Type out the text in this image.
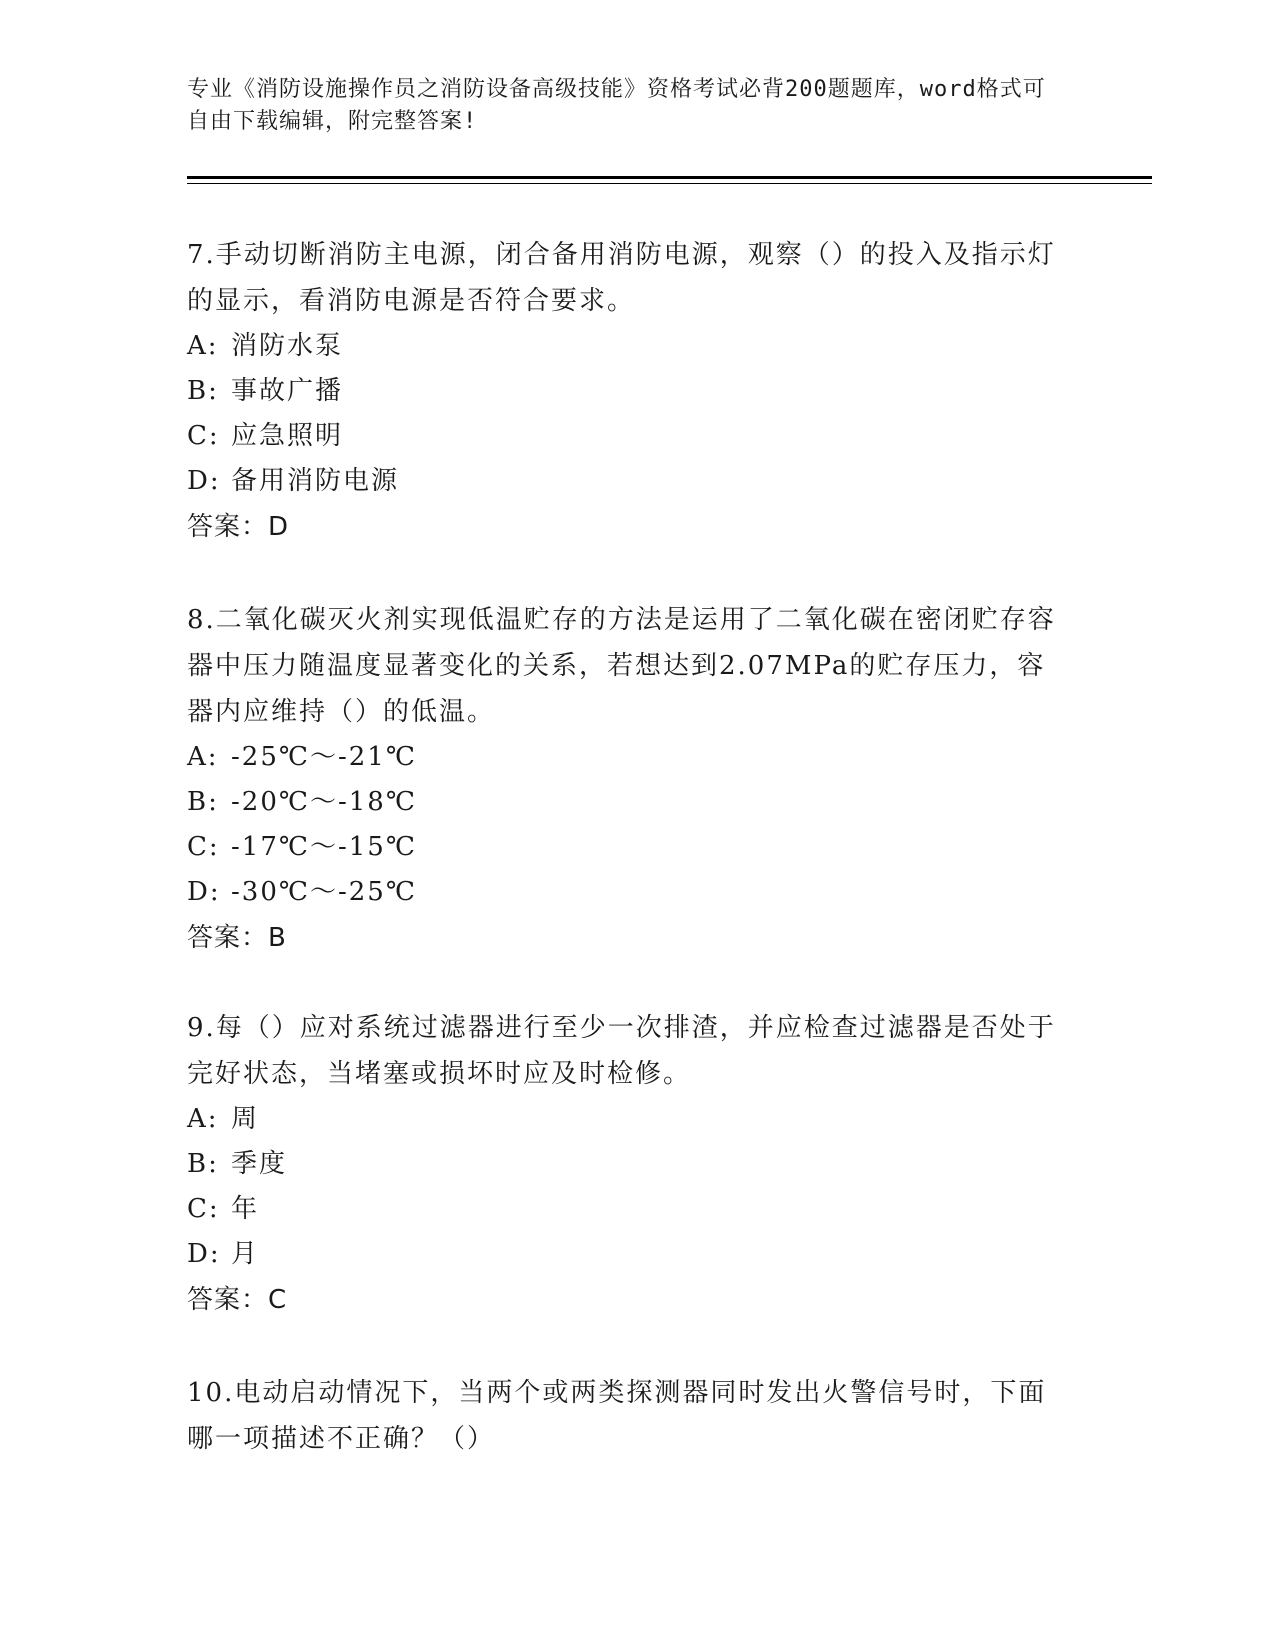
专业《消防设施操作员之消防设备高级技能》资格考试必背200题题库，word格式可自由下载编辑，附完整答案!

7.手动切断消防主电源，闭合备用消防电源，观察（）的投入及指示灯的显示，看消防电源是否符合要求。

A: 消防水泵

B: 事故广播

C: 应急照明

D: 备用消防电源

答案：D

8.二氧化碳灭火剂实现低温贮存的方法是运用了二氧化碳在密闭贮存容器中压力随温度显著变化的关系，若想达到2.07MPa的贮存压力，容器内应维持（）的低温。

A: -25℃～-21℃

B: -20℃～-18℃

C: -17℃～-15℃

D: -30℃～-25℃

答案：B

9.每（）应对系统过滤器进行至少一次排渣，并应检查过滤器是否处于完好状态，当堵塞或损坏时应及时检修。

A: 周

B: 季度

C: 年

D: 月

答案：C

10.电动启动情况下，当两个或两类探测器同时发出火警信号时，下面哪一项描述不正确？（）
